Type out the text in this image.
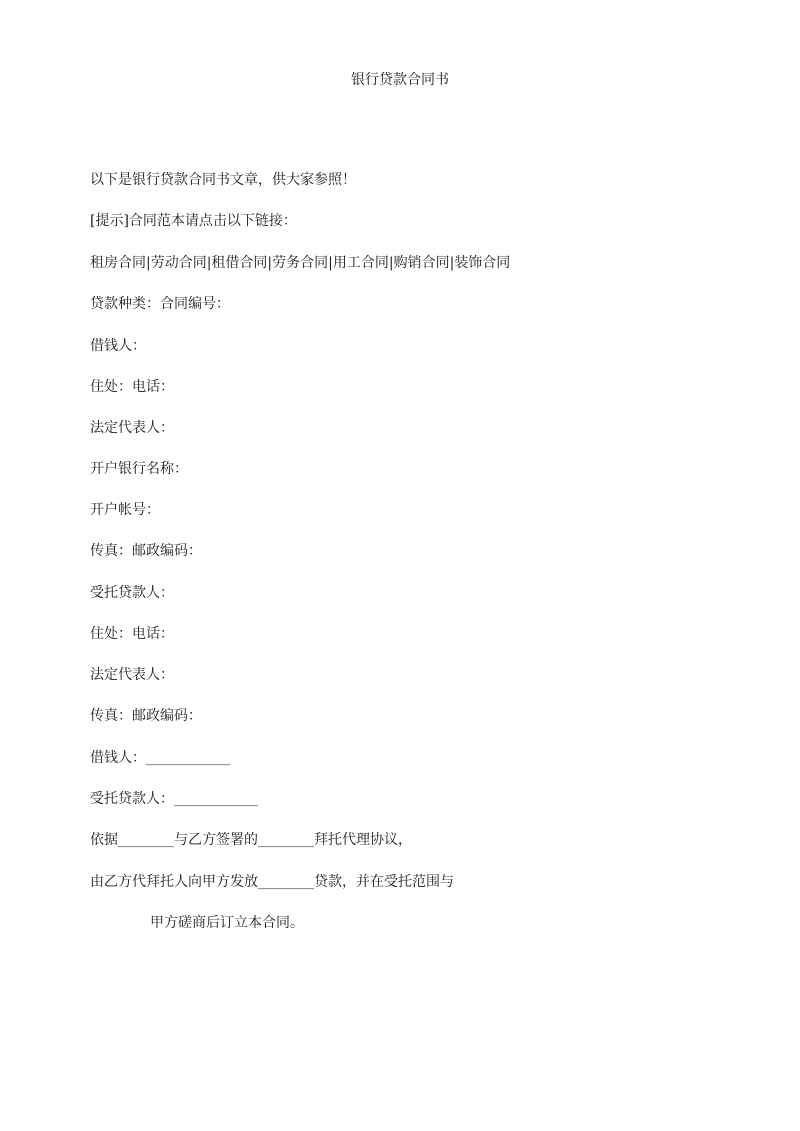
银行贷款合同书
以下是银行贷款合同书文章，供大家参照！
[提示]合同范本请点击以下链接：
租房合同|劳动合同|租借合同|劳务合同|用工合同|购销合同|装饰合同
贷款种类：合同编号：
借钱人：
住处：电话：
法定代表人：
开户银行名称：
开户帐号：
传真：邮政编码：
受托贷款人：
住处：电话：
法定代表人：
传真：邮政编码：
借钱人：____________
受托贷款人：____________
依据________与乙方签署的________拜托代理协议，
由乙方代拜托人向甲方发放________贷款，并在受托范围与
甲方磋商后订立本合同。
